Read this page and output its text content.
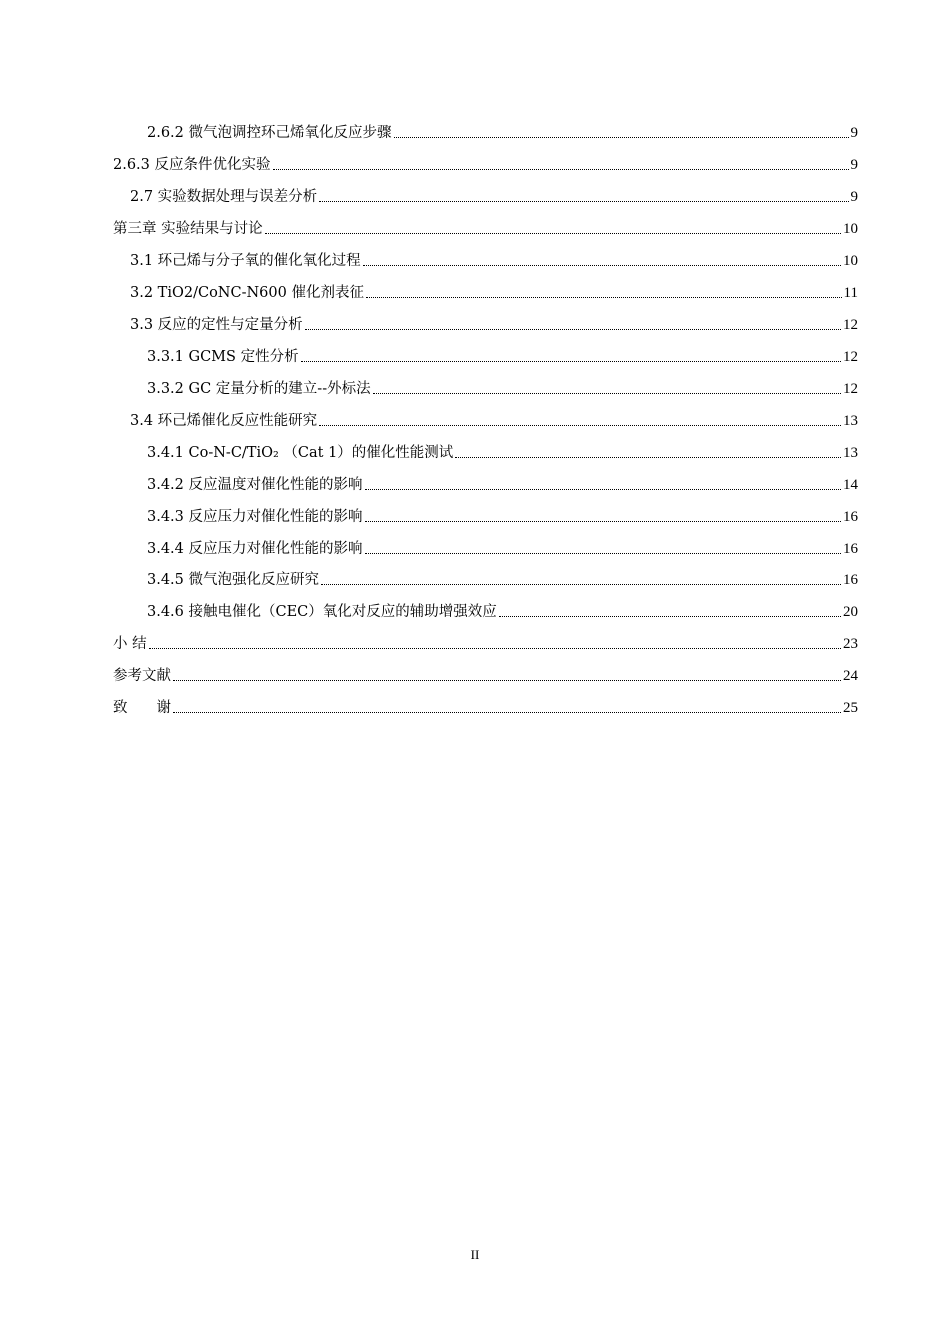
2.6.2 微气泡调控环己烯氧化反应步骤	9
2.6.3 反应条件优化实验	9
2.7 实验数据处理与误差分析	9
第三章 实验结果与讨论	10
3.1 环己烯与分子氧的催化氧化过程	10
3.2 TiO2/CoNC-N600 催化剂表征	11
3.3 反应的定性与定量分析	12
3.3.1 GCMS 定性分析	12
3.3.2 GC 定量分析的建立--外标法	12
3.4 环己烯催化反应性能研究	13
3.4.1 Co-N-C/TiO₂ （Cat 1）的催化性能测试	13
3.4.2 反应温度对催化性能的影响	14
3.4.3 反应压力对催化性能的影响	16
3.4.4 反应压力对催化性能的影响	16
3.4.5 微气泡强化反应研究	16
3.4.6 接触电催化（CEC）氧化对反应的辅助增强效应	20
小 结	23
参考文献	24
致　　谢	25
II
